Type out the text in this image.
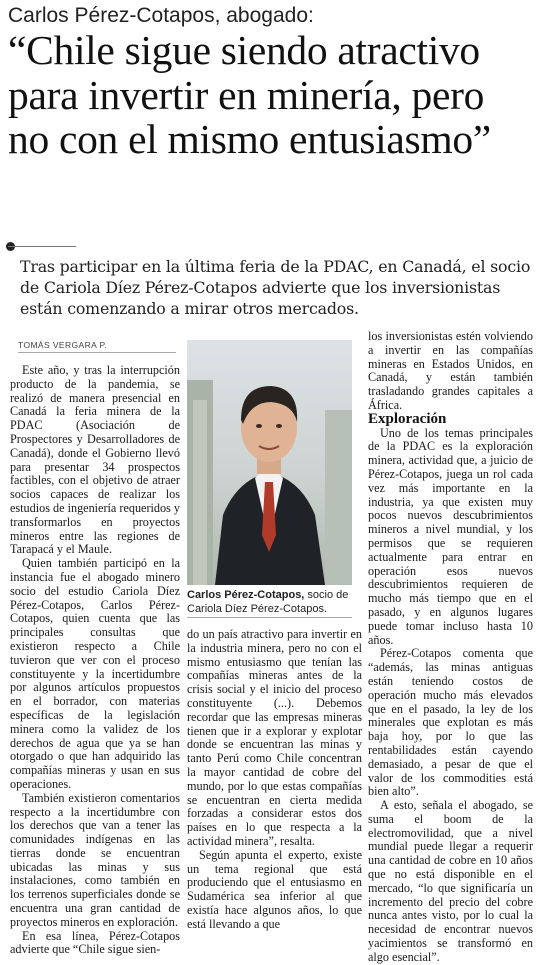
Carlos Pérez-Cotapos, abogado:
“Chile sigue siendo atractivo para invertir en minería, pero no con el mismo entusiasmo”
Tras participar en la última feria de la PDAC, en Canadá, el socio de Cariola Díez Pérez-Cotapos advierte que los inversionistas están comenzando a mirar otros mercados.
TOMÁS VERGARA P.

Este año, y tras la interrupción producto de la pandemia, se realizó de manera presencial en Canadá la feria minera de la PDAC (Asociación de Prospectores y Desarrolladores de Canadá), donde el Gobierno llevó para presentar 34 prospectos factibles, con el objetivo de atraer socios capaces de realizar los estudios de ingeniería requeridos y transformarlos en proyectos mineros entre las regiones de Tarapacá y el Maule.

Quien también participó en la instancia fue el abogado minero socio del estudio Cariola Díez Pérez-Cotapos, Carlos Pérez-Cotapos, quien cuenta que las principales consultas que existieron respecto a Chile tuvieron que ver con el proceso constituyente y la incertidumbre por algunos artículos propuestos en el borrador, con materias específicas de la legislación minera como la validez de los derechos de agua que ya se han otorgado o que han adquirido las compañías mineras y usan en sus operaciones.

También existieron comentarios respecto a la incertidumbre con los derechos que van a tener las comunidades indígenas en las tierras donde se encuentran ubicadas las minas y sus instalaciones, como también en los terrenos superficiales donde se encuentra una gran cantidad de proyectos mineros en exploración.

En esa línea, Pérez-Cotapos advierte que “Chile sigue sien-

Carlos Pérez-Cotapos, socio de Cariola Díez Pérez-Cotapos.

do un país atractivo para invertir en la industria minera, pero no con el mismo entusiasmo que tenían las compañías mineras antes de la crisis social y el inicio del proceso constituyente (...). Debemos recordar que las empresas mineras tienen que ir a explorar y explotar donde se encuentran las minas y tanto Perú como Chile concentran la mayor cantidad de cobre del mundo, por lo que estas compañías se encuentran en cierta medida forzadas a considerar estos dos países en lo que respecta a la actividad minera”, resalta.

Según apunta el experto, existe un tema regional que está produciendo que el entusiasmo en Sudamérica sea inferior al que existía hace algunos años, lo que está llevando a que

los inversionistas estén volviendo a invertir en las compañías mineras en Estados Unidos, en Canadá, y están también trasladando grandes capitales a África.

Exploración

Uno de los temas principales de la PDAC es la exploración minera, actividad que, a juicio de Pérez-Cotapos, juega un rol cada vez más importante en la industria, ya que existen muy pocos nuevos descubrimientos mineros a nivel mundial, y los permisos que se requieren actualmente para entrar en operación esos nuevos descubrimientos requieren de mucho más tiempo que en el pasado, y en algunos lugares puede tomar incluso hasta 10 años.

Pérez-Cotapos comenta que “además, las minas antiguas están teniendo costos de operación mucho más elevados que en el pasado, la ley de los minerales que explotan es más baja hoy, por lo que las rentabilidades están cayendo demasiado, a pesar de que el valor de los commodities está bien alto”.

A esto, señala el abogado, se suma el boom de la electromovilidad, que a nivel mundial puede llegar a requerir una cantidad de cobre en 10 años que no está disponible en el mercado, “lo que significaría un incremento del precio del cobre nunca antes visto, por lo cual la necesidad de encontrar nuevos yacimientos se transformó en algo esencial”.
